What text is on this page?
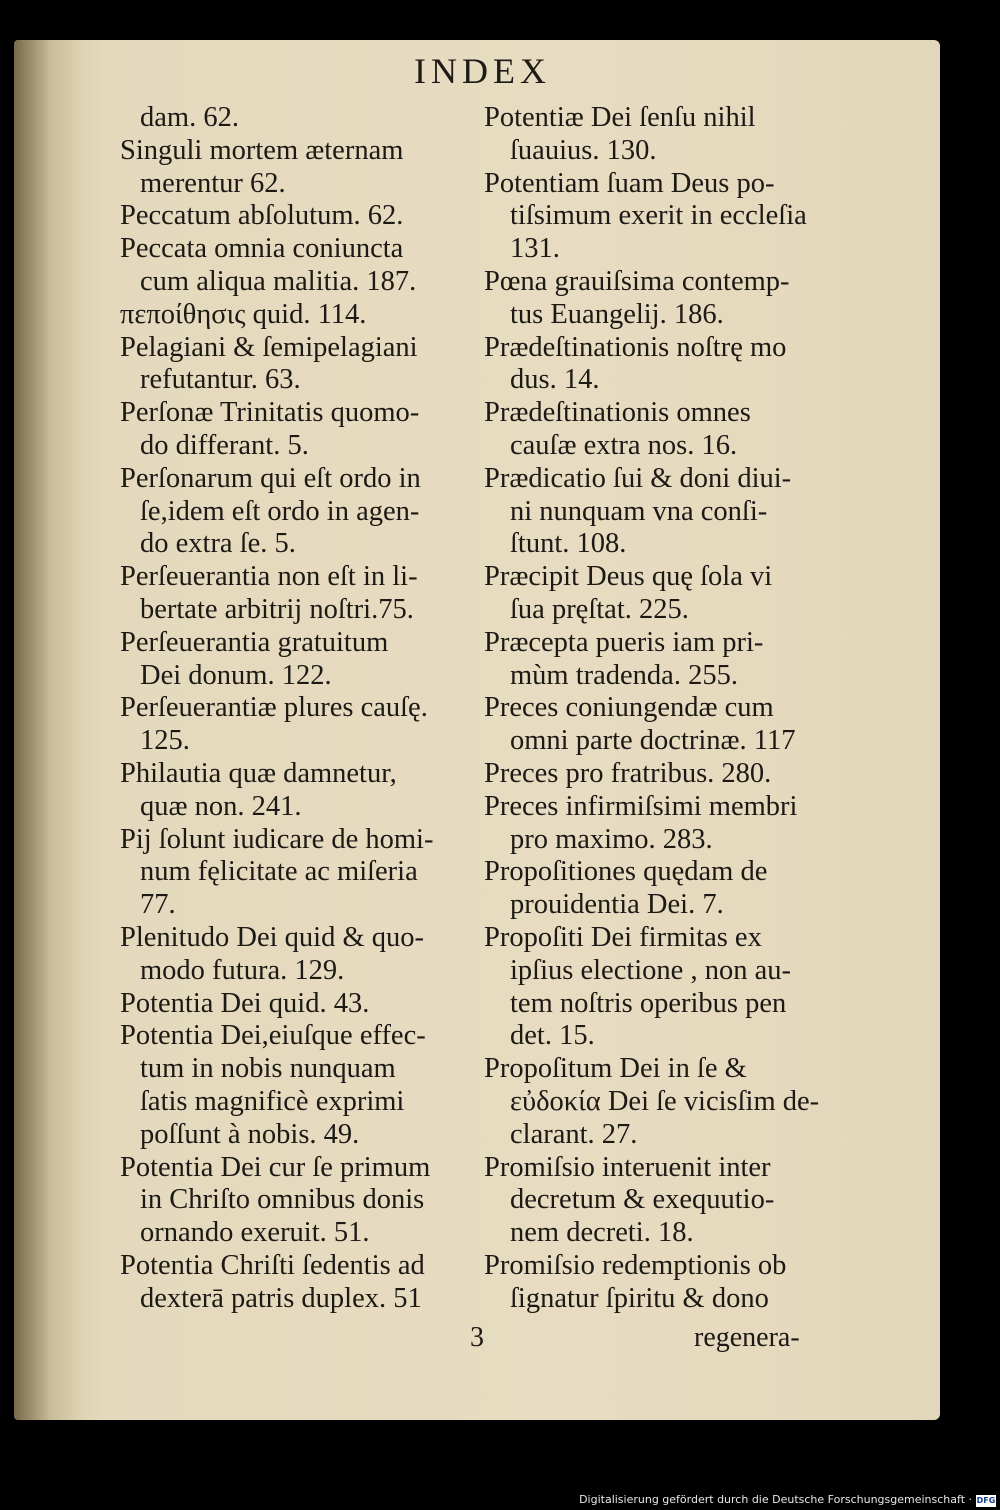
INDEX
dam. 62.
Singuli mortem æternam
merentur 62.
Peccatum abſolutum. 62.
Peccata omnia coniuncta
cum aliqua malitia. 187.
πεποίθησις quid. 114.
Pelagiani & ſemipelagiani
refutantur. 63.
Perſonæ Trinitatis quomo-
do differant. 5.
Perſonarum qui eſt ordo in
ſe,idem eſt ordo in agen-
do extra ſe. 5.
Perſeuerantia non eſt in li-
bertate arbitrij noſtri.75.
Perſeuerantia gratuitum
Dei donum. 122.
Perſeuerantiæ plures cauſę.
125.
Philautia quæ damnetur,
quæ non. 241.
Pij ſolunt iudicare de homi-
num fęlicitate ac miſeria
77.
Plenitudo Dei quid & quo-
modo futura. 129.
Potentia Dei quid. 43.
Potentia Dei,eiuſque effec-
tum in nobis nunquam
ſatis magnificè exprimi
poſſunt à nobis. 49.
Potentia Dei cur ſe primum
in Chriſto omnibus donis
ornando exeruit. 51.
Potentia Chriſti ſedentis ad
dexterā patris duplex. 51
Potentiæ Dei ſenſu nihil
ſuauius. 130.
Potentiam ſuam Deus po-
tiſsimum exerit in eccleſia
131.
Pœna grauiſsima contemp-
tus Euangelij. 186.
Prædeſtinationis noſtrę mo
dus. 14.
Prædeſtinationis omnes
cauſæ extra nos. 16.
Prædicatio ſui & doni diui-
ni nunquam vna conſi-
ſtunt. 108.
Præcipit Deus quę ſola vi
ſua pręſtat. 225.
Præcepta pueris iam pri-
mùm tradenda. 255.
Preces coniungendæ cum
omni parte doctrinæ. 117
Preces pro fratribus. 280.
Preces infirmiſsimi membri
pro maximo. 283.
Propoſitiones quędam de
prouidentia Dei. 7.
Propoſiti Dei firmitas ex
ipſius electione , non au-
tem noſtris operibus pen
det. 15.
Propoſitum Dei in ſe &
εὐδοκία Dei ſe vicisſim de-
clarant. 27.
Promiſsio interuenit inter
decretum & exequutio-
nem decreti. 18.
Promiſsio redemptionis ob
ſignatur ſpiritu & dono
3	regenera-
Digitalisierung gefördert durch die Deutsche Forschungsgemeinschaft · DFG
